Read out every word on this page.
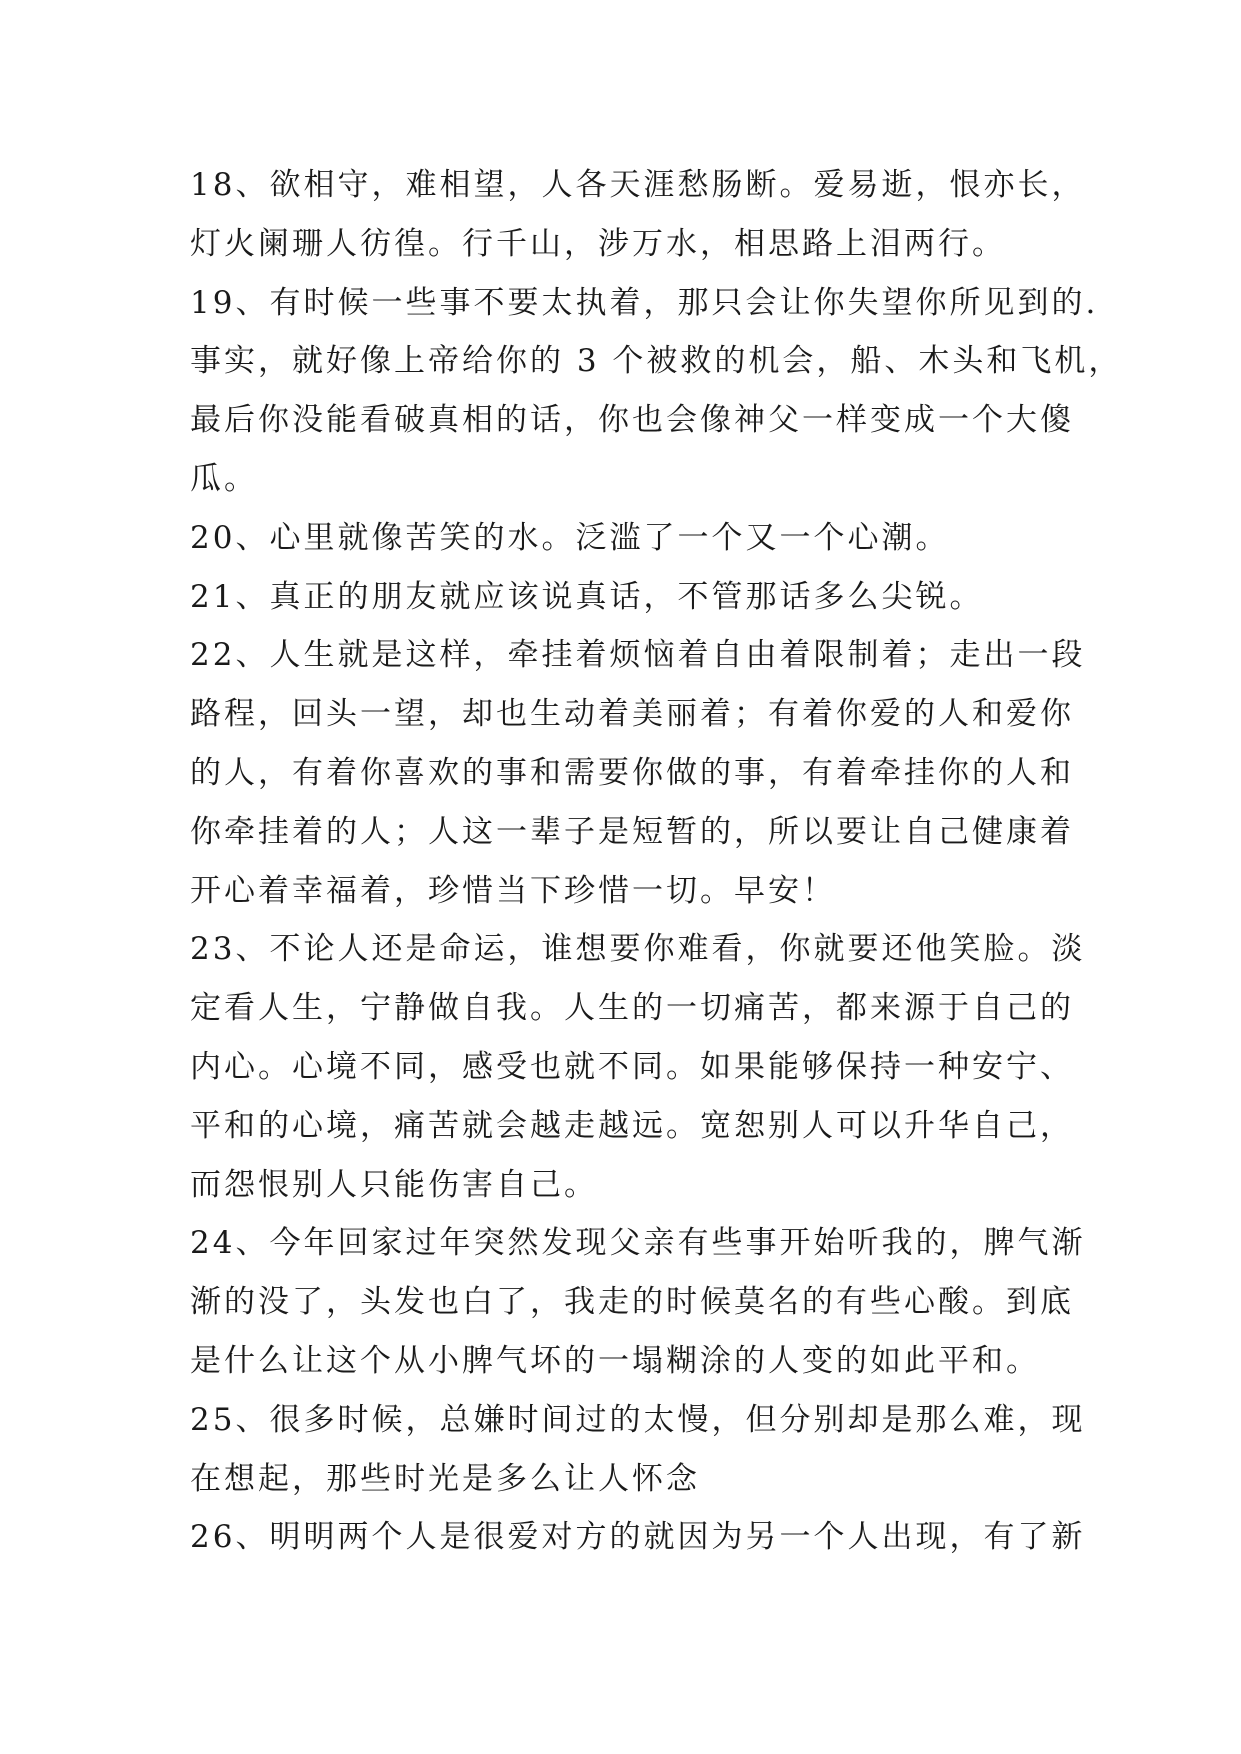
18、欲相守，难相望，人各天涯愁肠断。爱易逝，恨亦长，
灯火阑珊人彷徨。行千山，涉万水，相思路上泪两行。
19、有时候一些事不要太执着，那只会让你失望你所见到的.
事实，就好像上帝给你的 3 个被救的机会，船、木头和飞机，
最后你没能看破真相的话，你也会像神父一样变成一个大傻
瓜。
20、心里就像苦笑的水。泛滥了一个又一个心潮。
21、真正的朋友就应该说真话，不管那话多么尖锐。
22、人生就是这样，牵挂着烦恼着自由着限制着；走出一段
路程，回头一望，却也生动着美丽着；有着你爱的人和爱你
的人，有着你喜欢的事和需要你做的事，有着牵挂你的人和
你牵挂着的人；人这一辈子是短暂的，所以要让自己健康着
开心着幸福着，珍惜当下珍惜一切。早安！
23、不论人还是命运，谁想要你难看，你就要还他笑脸。淡
定看人生，宁静做自我。人生的一切痛苦，都来源于自己的
内心。心境不同，感受也就不同。如果能够保持一种安宁、
平和的心境，痛苦就会越走越远。宽恕别人可以升华自己，
而怨恨别人只能伤害自己。
24、今年回家过年突然发现父亲有些事开始听我的，脾气渐
渐的没了，头发也白了，我走的时候莫名的有些心酸。到底
是什么让这个从小脾气坏的一塌糊涂的人变的如此平和。
25、很多时候，总嫌时间过的太慢，但分别却是那么难，现
在想起，那些时光是多么让人怀念
26、明明两个人是很爱对方的就因为另一个人出现，有了新
